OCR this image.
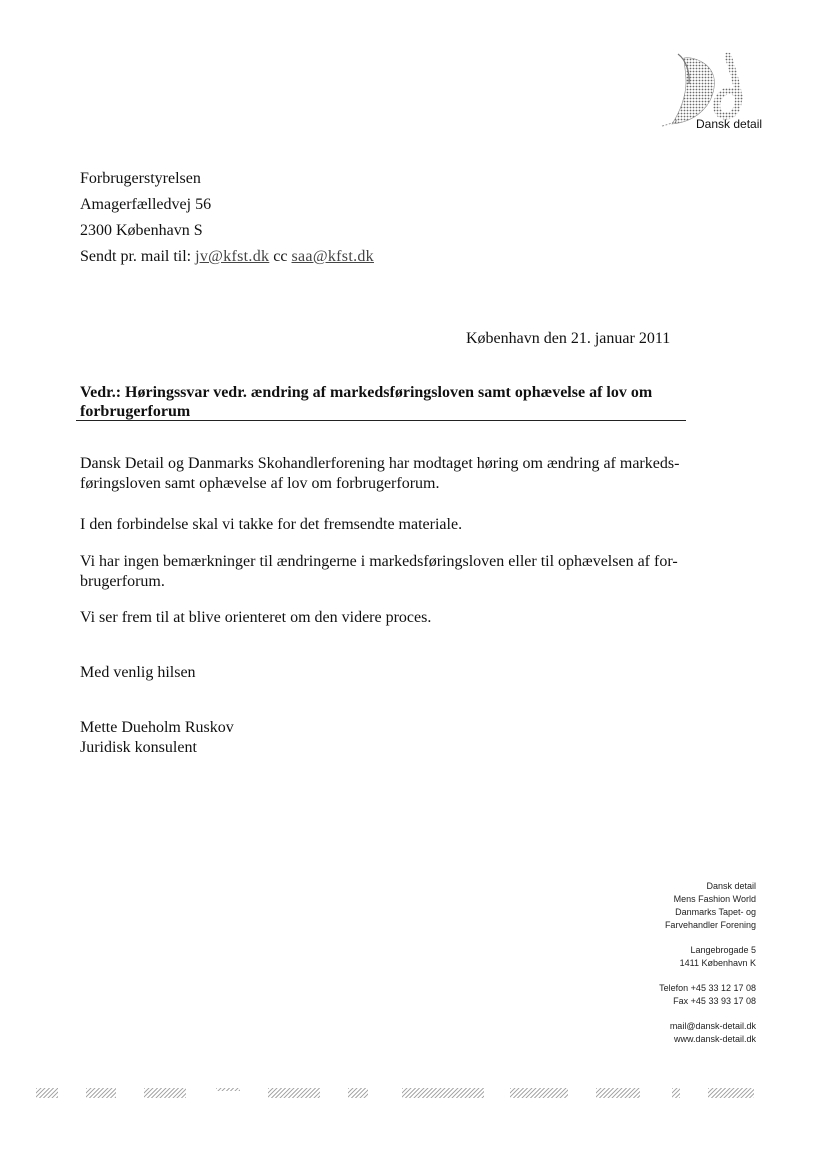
Dansk detail
Forbrugerstyrelsen
Amagerfælledvej 56
2300 København S
Sendt pr. mail til: jv@kfst.dk cc saa@kfst.dk
København den 21. januar 2011
Vedr.: Høringssvar vedr. ændring af markedsføringsloven samt ophævelse af lov om forbrugerforum
Dansk Detail og Danmarks Skohandlerforening har modtaget høring om ændring af markeds-føringsloven samt ophævelse af lov om forbrugerforum.
I den forbindelse skal vi takke for det fremsendte materiale.
Vi har ingen bemærkninger til ændringerne i markedsføringsloven eller til ophævelsen af for-brugerforum.
Vi ser frem til at blive orienteret om den videre proces.
Med venlig hilsen
Mette Dueholm Ruskov
Juridisk konsulent
Dansk detail
Mens Fashion World
Danmarks Tapet- og
Farvehandler Forening
Langebrogade 5
1411 København K
Telefon +45 33 12 17 08
Fax +45 33 93 17 08
mail@dansk-detail.dk
www.dansk-detail.dk
